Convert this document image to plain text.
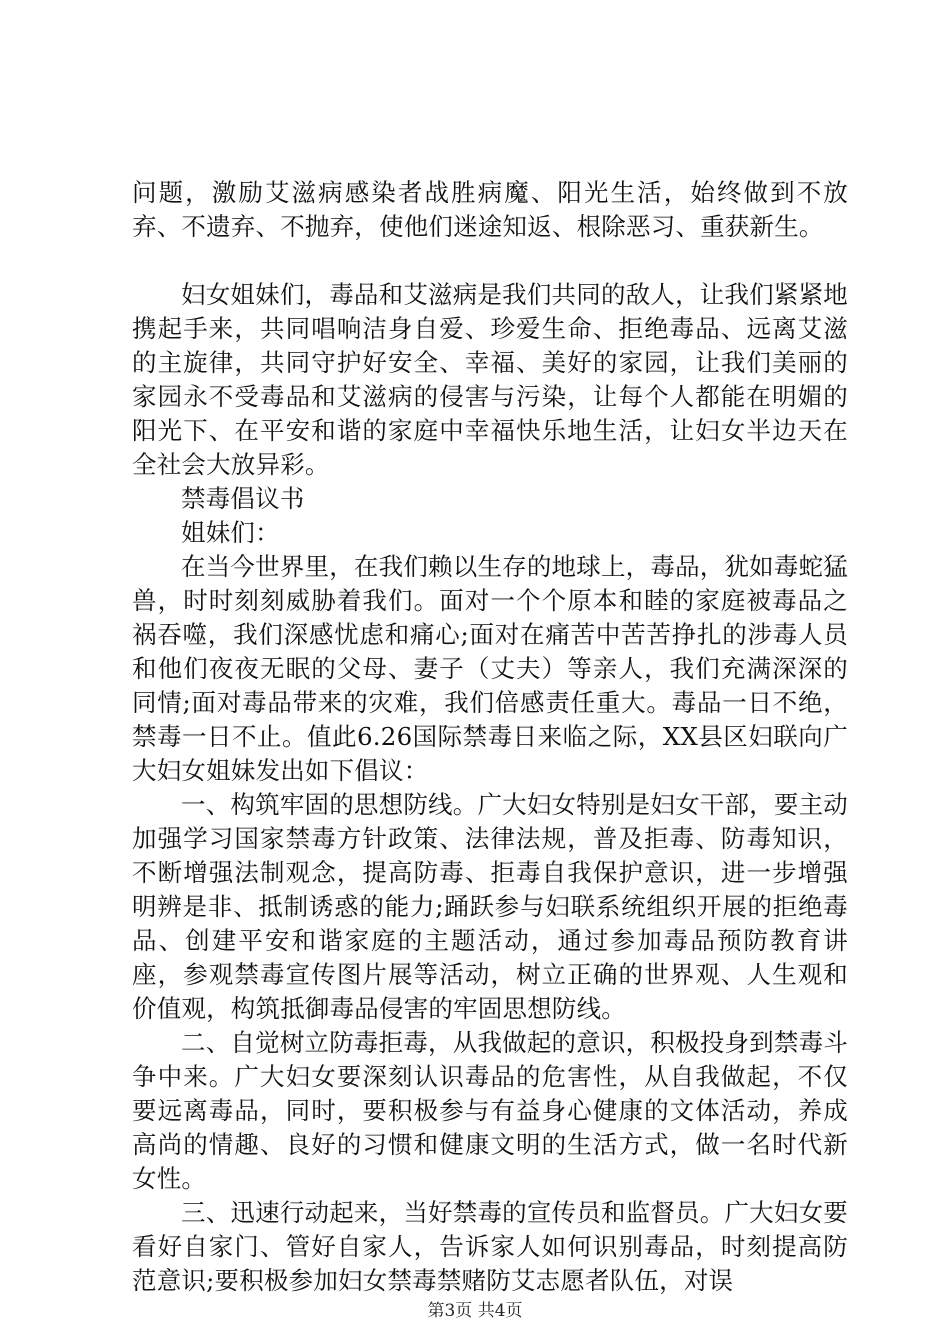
问题，激励艾滋病感染者战胜病魔、阳光生活，始终做到不放弃、不遗弃、不抛弃，使他们迷途知返、根除恶习、重获新生。

妇女姐妹们，毒品和艾滋病是我们共同的敌人，让我们紧紧地携起手来，共同唱响洁身自爱、珍爱生命、拒绝毒品、远离艾滋的主旋律，共同守护好安全、幸福、美好的家园，让我们美丽的家园永不受毒品和艾滋病的侵害与污染，让每个人都能在明媚的阳光下、在平安和谐的家庭中幸福快乐地生活，让妇女半边天在全社会大放异彩。

禁毒倡议书

姐妹们：

在当今世界里，在我们赖以生存的地球上，毒品，犹如毒蛇猛兽，时时刻刻威胁着我们。面对一个个原本和睦的家庭被毒品之祸吞噬，我们深感忧虑和痛心;面对在痛苦中苦苦挣扎的涉毒人员和他们夜夜无眠的父母、妻子（丈夫）等亲人，我们充满深深的同情;面对毒品带来的灾难，我们倍感责任重大。毒品一日不绝，禁毒一日不止。值此6.26国际禁毒日来临之际，XX县区妇联向广大妇女姐妹发出如下倡议：

一、构筑牢固的思想防线。广大妇女特别是妇女干部，要主动加强学习国家禁毒方针政策、法律法规，普及拒毒、防毒知识，不断增强法制观念，提高防毒、拒毒自我保护意识，进一步增强明辨是非、抵制诱惑的能力;踊跃参与妇联系统组织开展的拒绝毒品、创建平安和谐家庭的主题活动，通过参加毒品预防教育讲座，参观禁毒宣传图片展等活动，树立正确的世界观、人生观和价值观，构筑抵御毒品侵害的牢固思想防线。

二、自觉树立防毒拒毒，从我做起的意识，积极投身到禁毒斗争中来。广大妇女要深刻认识毒品的危害性，从自我做起，不仅要远离毒品，同时，要积极参与有益身心健康的文体活动，养成高尚的情趣、良好的习惯和健康文明的生活方式，做一名时代新女性。

三、迅速行动起来，当好禁毒的宣传员和监督员。广大妇女要看好自家门、管好自家人，告诉家人如何识别毒品，时刻提高防范意识;要积极参加妇女禁毒禁赌防艾志愿者队伍，对误

第3页 共4页
